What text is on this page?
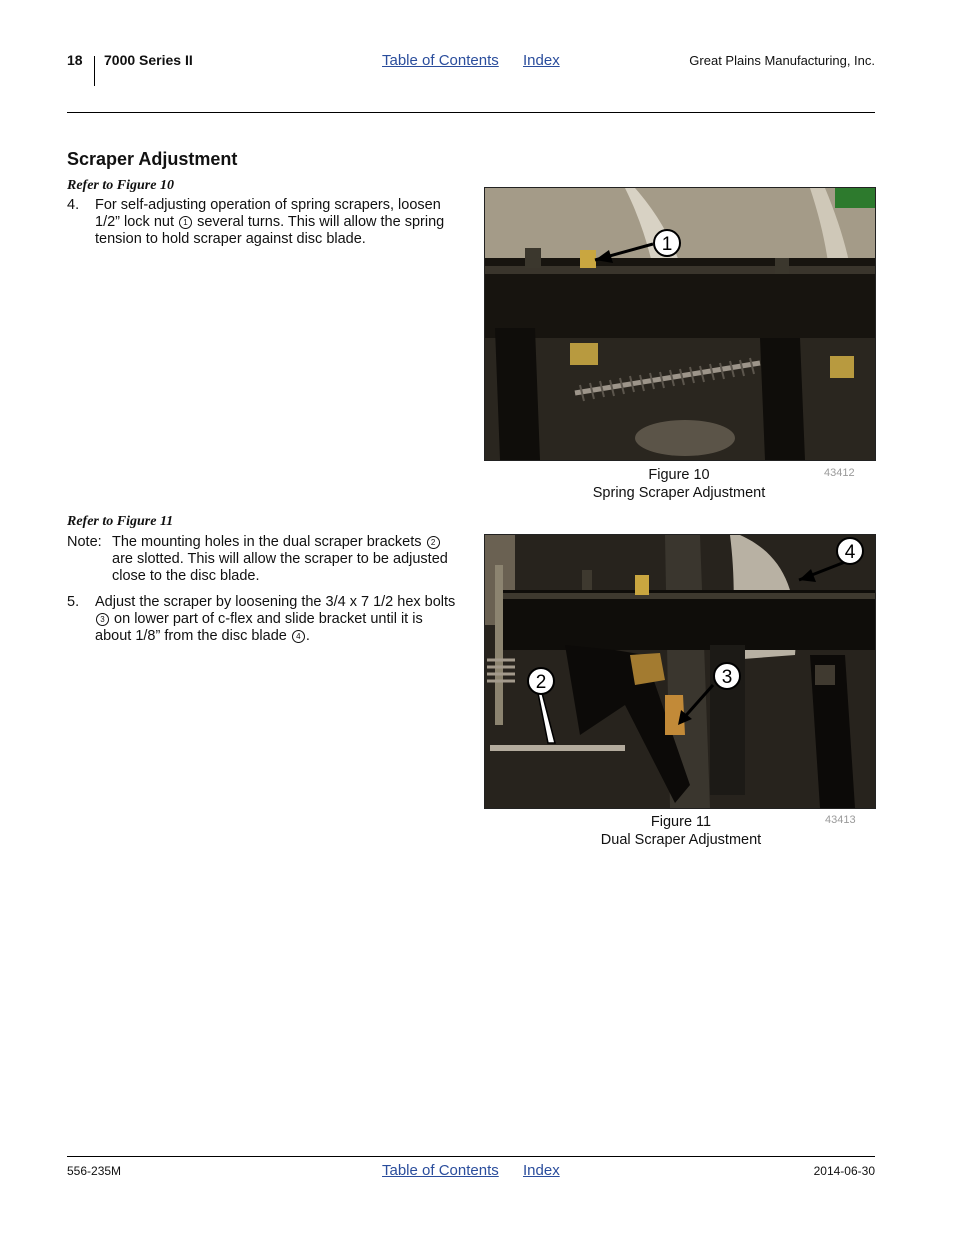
18 7000 Series II	Table of Contents Index	Great Plains Manufacturing, Inc.
Scraper Adjustment
Refer to Figure 10
4. For self-adjusting operation of spring scrapers, loosen 1/2” lock nut 1 several turns. This will allow the spring tension to hold scraper against disc blade.	1
Figure 10
Spring Scraper Adjustment
43412
Refer to Figure 11
Note: The mounting holes in the dual scraper brackets 2 are slotted. This will allow the scraper to be adjusted close to the disc blade.
5. Adjust the scraper by loosening the 3/4 x 7 1/2 hex bolts 3 on lower part of c-flex and slide bracket until it is about 1/8” from the disc blade 4 .
4
2	3
Figure 11
Dual Scraper Adjustment
43413
556-235M	Table of Contents Index	2014-06-30
